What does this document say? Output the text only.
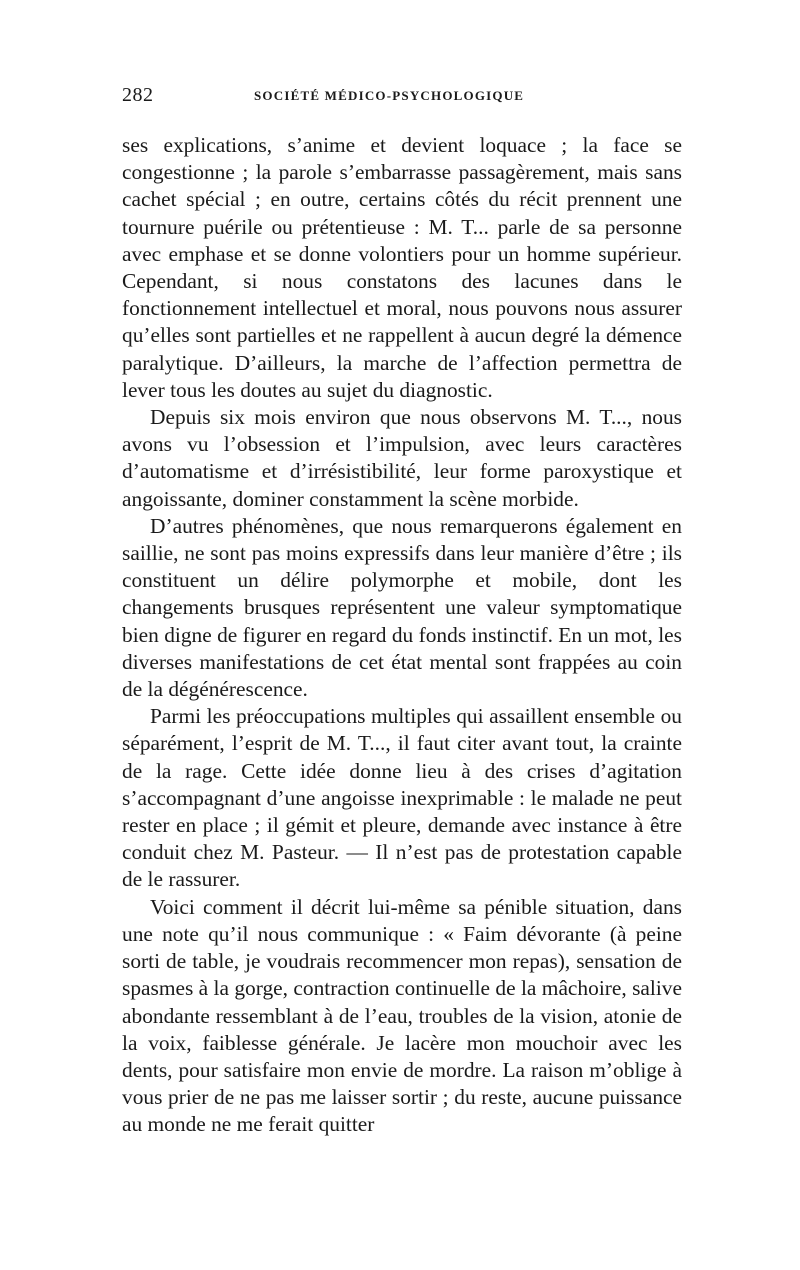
282	SOCIÉTÉ MÉDICO-PSYCHOLOGIQUE

ses explications, s’anime et devient loquace ; la face se congestionne ; la parole s’embarrasse passagèrement, mais sans cachet spécial ; en outre, certains côtés du récit prennent une tournure puérile ou prétentieuse : M. T... parle de sa personne avec emphase et se donne volontiers pour un homme supérieur. Cependant, si nous constatons des lacunes dans le fonctionnement intellectuel et moral, nous pouvons nous assurer qu’elles sont partielles et ne rappellent à aucun degré la démence paralytique. D’ailleurs, la marche de l’affection permettra de lever tous les doutes au sujet du diagnostic.

Depuis six mois environ que nous observons M. T..., nous avons vu l’obsession et l’impulsion, avec leurs caractères d’automatisme et d’irrésistibilité, leur forme paroxystique et angoissante, dominer constamment la scène morbide.

D’autres phénomènes, que nous remarquerons également en saillie, ne sont pas moins expressifs dans leur manière d’être ; ils constituent un délire polymorphe et mobile, dont les changements brusques représentent une valeur symptomatique bien digne de figurer en regard du fonds instinctif. En un mot, les diverses manifestations de cet état mental sont frappées au coin de la dégénérescence.

Parmi les préoccupations multiples qui assaillent ensemble ou séparément, l’esprit de M. T..., il faut citer avant tout, la crainte de la rage. Cette idée donne lieu à des crises d’agitation s’accompagnant d’une angoisse inexprimable : le malade ne peut rester en place ; il gémit et pleure, demande avec instance à être conduit chez M. Pasteur. — Il n’est pas de protestation capable de le rassurer.

Voici comment il décrit lui-même sa pénible situation, dans une note qu’il nous communique : « Faim dévorante (à peine sorti de table, je voudrais recommencer mon repas), sensation de spasmes à la gorge, contraction continuelle de la mâchoire, salive abondante ressemblant à de l’eau, troubles de la vision, atonie de la voix, faiblesse générale. Je lacère mon mouchoir avec les dents, pour satisfaire mon envie de mordre. La raison m’oblige à vous prier de ne pas me laisser sortir ; du reste, aucune puissance au monde ne me ferait quitter
